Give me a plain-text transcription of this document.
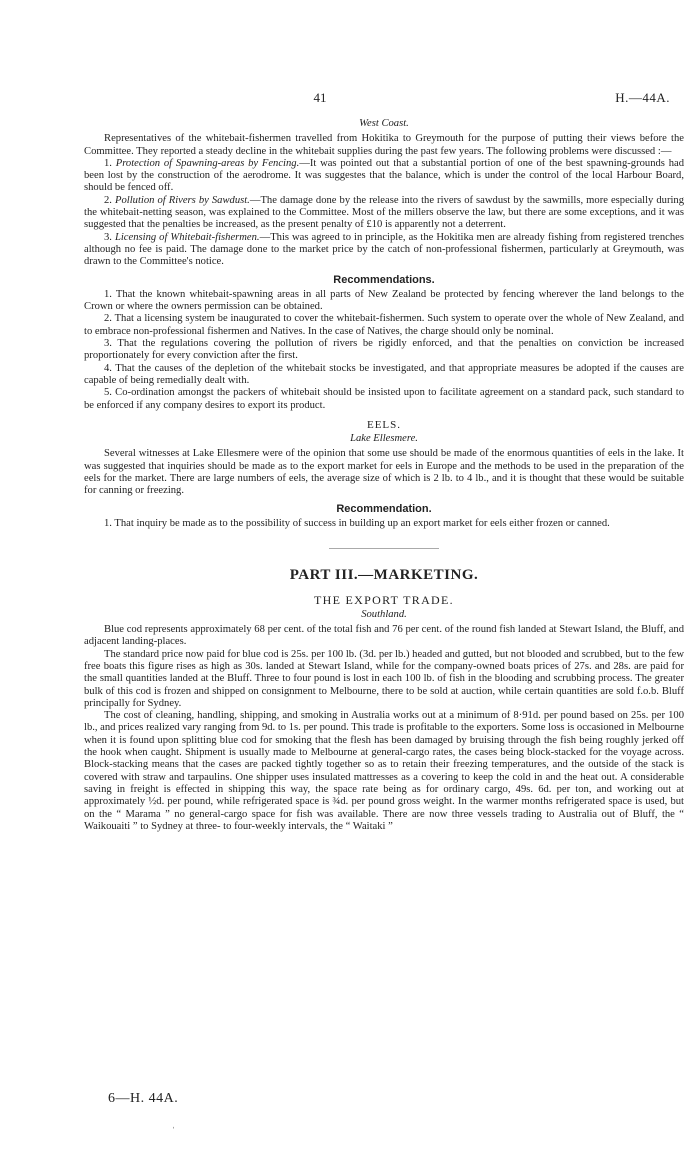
41	H.—44A.
West Coast.

Representatives of the whitebait-fishermen travelled from Hokitika to Greymouth for the purpose of putting their views before the Committee. They reported a steady decline in the whitebait supplies during the past few years. The following problems were discussed :—

1. Protection of Spawning-areas by Fencing.—It was pointed out that a substantial portion of one of the best spawning-grounds had been lost by the construction of the aerodrome. It was suggestes that the balance, which is under the control of the local Harbour Board, should be fenced off.

2. Pollution of Rivers by Sawdust.—The damage done by the release into the rivers of sawdust by the sawmills, more especially during the whitebait-netting season, was explained to the Committee. Most of the millers observe the law, but there are some exceptions, and it was suggested that the penalties be increased, as the present penalty of £10 is apparently not a deterrent.

3. Licensing of Whitebait-fishermen.—This was agreed to in principle, as the Hokitika men are already fishing from registered trenches although no fee is paid. The damage done to the market price by the catch of non-professional fishermen, particularly at Greymouth, was drawn to the Committee's notice.

Recommendations.

1. That the known whitebait-spawning areas in all parts of New Zealand be protected by fencing wherever the land belongs to the Crown or where the owners permission can be obtained.

2. That a licensing system be inaugurated to cover the whitebait-fishermen. Such system to operate over the whole of New Zealand, and to embrace non-professional fishermen and Natives. In the case of Natives, the charge should only be nominal.

3. That the regulations covering the pollution of rivers be rigidly enforced, and that the penalties on conviction be increased proportionately for every conviction after the first.

4. That the causes of the depletion of the whitebait stocks be investigated, and that appropriate measures be adopted if the causes are capable of being remedially dealt with.

5. Co-ordination amongst the packers of whitebait should be insisted upon to facilitate agreement on a standard pack, such standard to be enforced if any company desires to export its product.

EELS.
Lake Ellesmere.

Several witnesses at Lake Ellesmere were of the opinion that some use should be made of the enormous quantities of eels in the lake. It was suggested that inquiries should be made as to the export market for eels in Europe and the methods to be used in the preparation of the eels for the market. There are large numbers of eels, the average size of which is 2 lb. to 4 lb., and it is thought that these would be suitable for canning or freezing.

Recommendation.

1. That inquiry be made as to the possibility of success in building up an export market for eels either frozen or canned.

PART III.—MARKETING.
THE EXPORT TRADE.
Southland.

Blue cod represents approximately 68 per cent. of the total fish and 76 per cent. of the round fish landed at Stewart Island, the Bluff, and adjacent landing-places.

The standard price now paid for blue cod is 25s. per 100 lb. (3d. per lb.) headed and gutted, but not blooded and scrubbed, but to the few free boats this figure rises as high as 30s. landed at Stewart Island, while for the company-owned boats prices of 27s. and 28s. are paid for the small quantities landed at the Bluff. Three to four pound is lost in each 100 lb. of fish in the blooding and scrubbing process. The greater bulk of this cod is frozen and shipped on consignment to Melbourne, there to be sold at auction, while certain quantities are sold f.o.b. Bluff principally for Sydney.

The cost of cleaning, handling, shipping, and smoking in Australia works out at a minimum of 8·91d. per pound based on 25s. per 100 lb., and prices realized vary ranging from 9d. to 1s. per pound. This trade is profitable to the exporters. Some loss is occasioned in Melbourne when it is found upon splitting blue cod for smoking that the flesh has been damaged by bruising through the fish being roughly jerked off the hook when caught. Shipment is usually made to Melbourne at general-cargo rates, the cases being block-stacked for the voyage across. Block-stacking means that the cases are packed tightly together so as to retain their freezing temperatures, and the outside of the stack is covered with straw and tarpaulins. One shipper uses insulated mattresses as a covering to keep the cold in and the heat out. A considerable saving in freight is effected in shipping this way, the space rate being as for ordinary cargo, 49s. 6d. per ton, and working out at approximately ½d. per pound, while refrigerated space is ¾d. per pound gross weight. In the warmer months refrigerated space is used, but on the “ Marama ” no general-cargo space for fish was available. There are now three vessels trading to Australia out of Bluff, the “ Waikouaiti ” to Sydney at three- to four-weekly intervals, the “ Waitaki ”

6—H. 44A.
ˌ
